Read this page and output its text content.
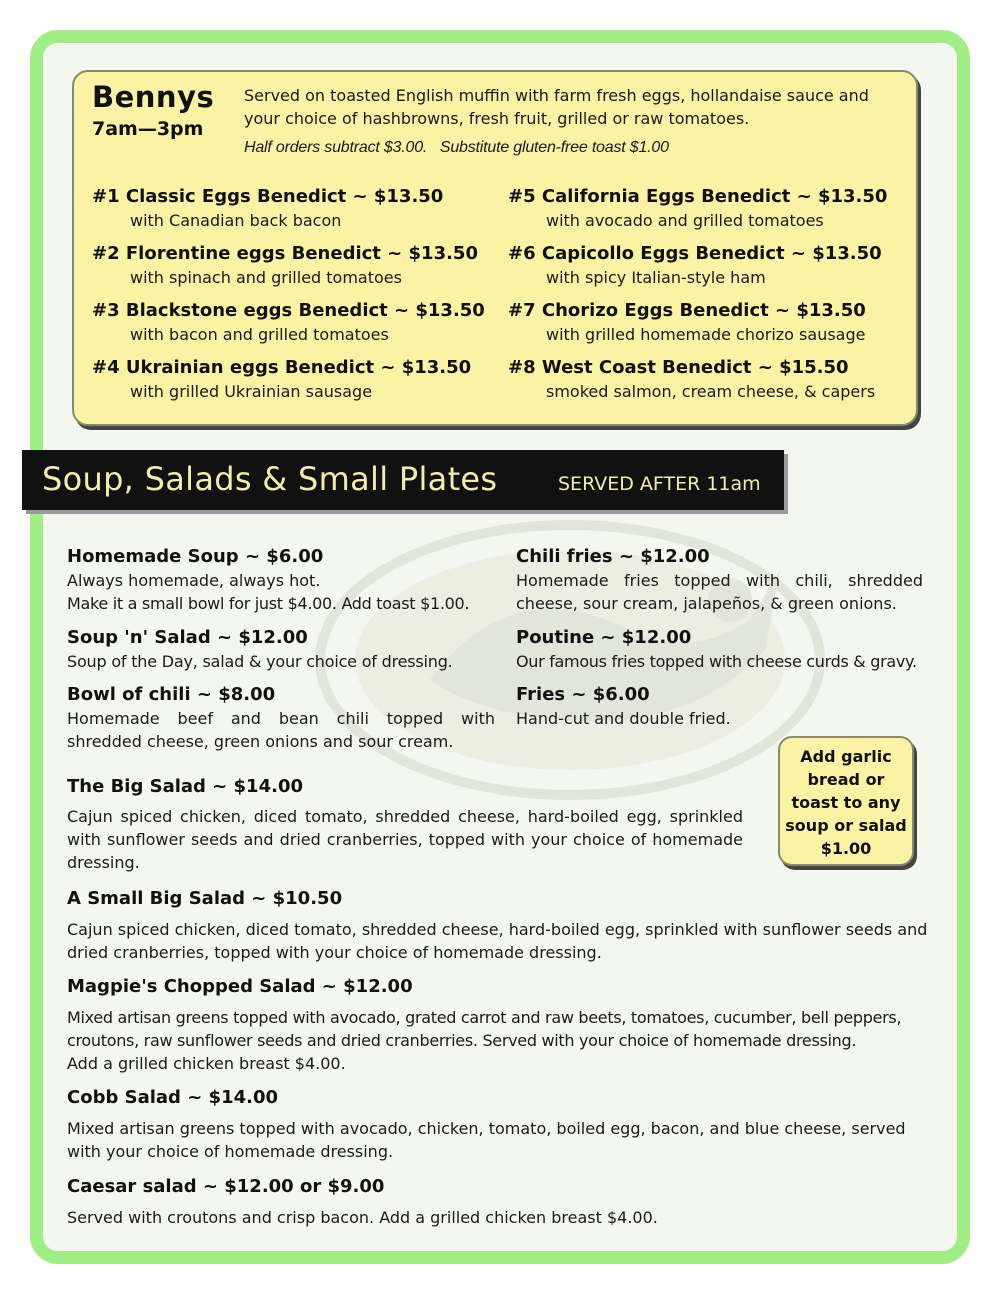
Bennys
7am—3pm
Served on toasted English muffin with farm fresh eggs, hollandaise sauce and your choice of hashbrowns, fresh fruit, grilled or raw tomatoes.
Half orders subtract $3.00.   Substitute gluten-free toast $1.00
#1 Classic Eggs Benedict ~ $13.50
with Canadian back bacon
#2 Florentine eggs Benedict ~ $13.50
with spinach and grilled tomatoes
#3 Blackstone eggs Benedict ~ $13.50
with bacon and grilled tomatoes
#4 Ukrainian eggs Benedict ~ $13.50
with grilled Ukrainian sausage
#5 California Eggs Benedict ~ $13.50
with avocado and grilled tomatoes
#6 Capicollo Eggs Benedict ~ $13.50
with spicy Italian-style ham
#7 Chorizo Eggs Benedict ~ $13.50
with grilled homemade chorizo sausage
#8 West Coast Benedict ~ $15.50
smoked salmon, cream cheese, & capers
Soup, Salads & Small Plates	SERVED AFTER 11am
Homemade Soup ~ $6.00
Always homemade, always hot.
Make it a small bowl for just $4.00. Add toast $1.00.
Soup 'n' Salad ~ $12.00
Soup of the Day, salad & your choice of dressing.
Bowl of chili ~ $8.00
Homemade beef and bean chili topped with shredded cheese, green onions and sour cream.
Chili fries ~ $12.00
Homemade fries topped with chili, shredded cheese, sour cream, jalapeños, & green onions.
Poutine ~ $12.00
Our famous fries topped with cheese curds & gravy.
Fries ~ $6.00
Hand-cut and double fried.
Add garlic
bread or
toast to any
soup or salad
$1.00
The Big Salad ~ $14.00
Cajun spiced chicken, diced tomato, shredded cheese, hard-boiled egg, sprinkled with sunflower seeds and dried cranberries, topped with your choice of homemade dressing.
A Small Big Salad ~ $10.50
Cajun spiced chicken, diced tomato, shredded cheese, hard-boiled egg, sprinkled with sunflower seeds and dried cranberries, topped with your choice of homemade dressing.
Magpie's Chopped Salad ~ $12.00
Mixed artisan greens topped with avocado, grated carrot and raw beets, tomatoes, cucumber, bell peppers, croutons, raw sunflower seeds and dried cranberries. Served with your choice of homemade dressing.
Add a grilled chicken breast $4.00.
Cobb Salad ~ $14.00
Mixed artisan greens topped with avocado, chicken, tomato, boiled egg, bacon, and blue cheese, served with your choice of homemade dressing.
Caesar salad ~ $12.00 or $9.00
Served with croutons and crisp bacon. Add a grilled chicken breast $4.00.
